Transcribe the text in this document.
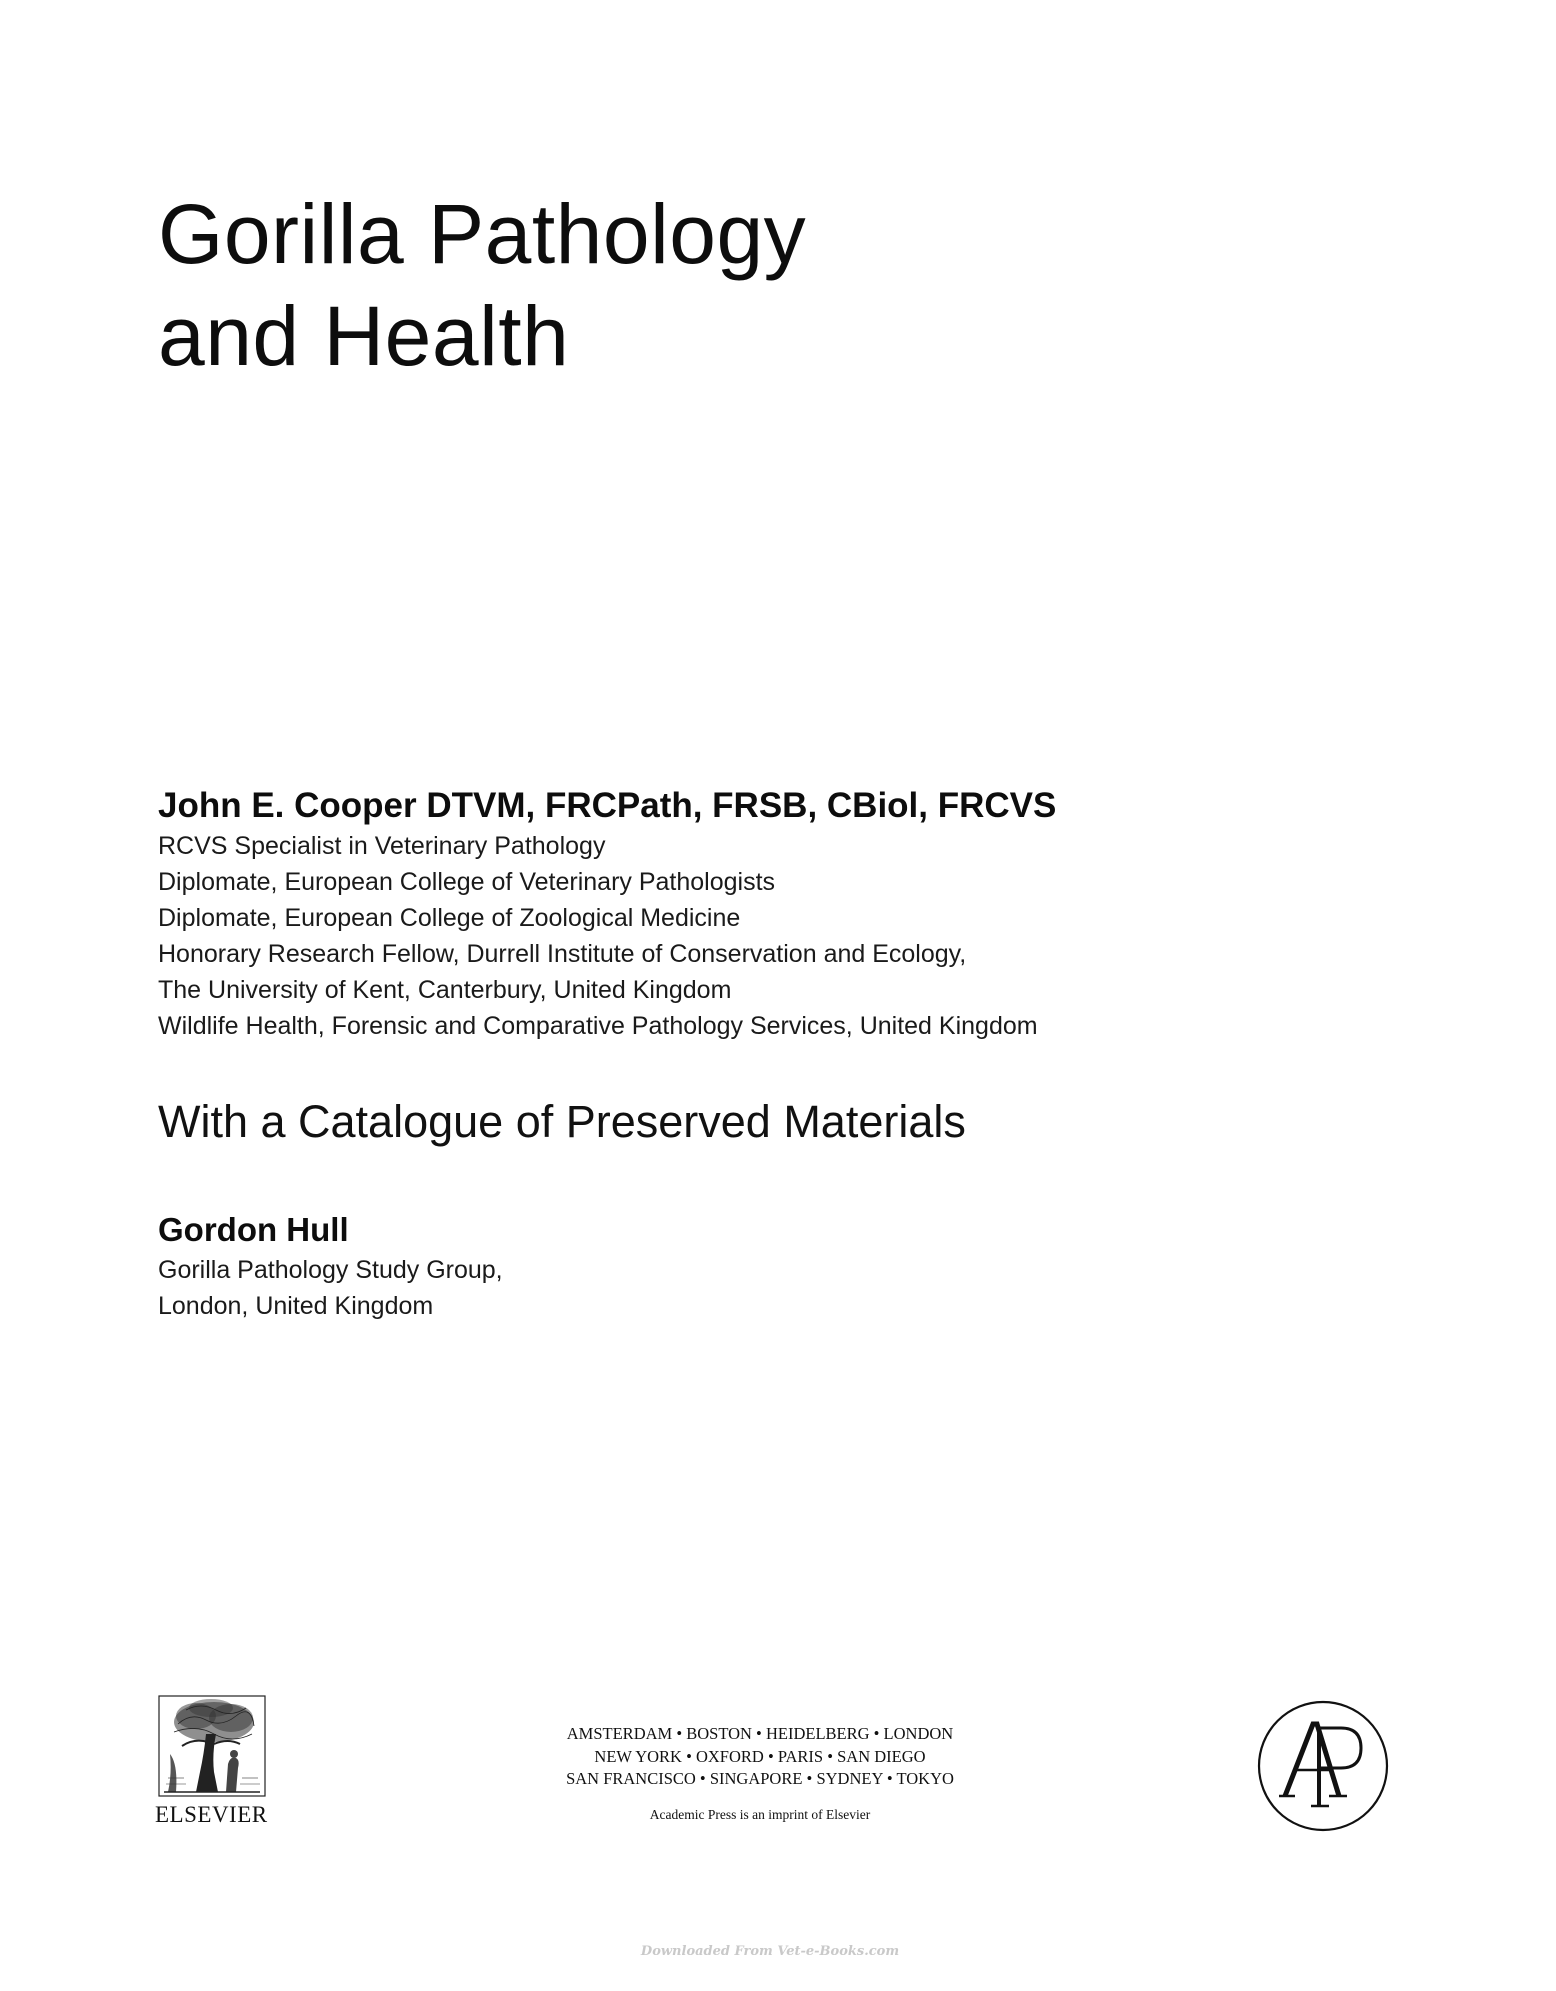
Gorilla Pathology
and Health
John E. Cooper DTVM, FRCPath, FRSB, CBiol, FRCVS
RCVS Specialist in Veterinary Pathology
Diplomate, European College of Veterinary Pathologists
Diplomate, European College of Zoological Medicine
Honorary Research Fellow, Durrell Institute of Conservation and Ecology,
The University of Kent, Canterbury, United Kingdom
Wildlife Health, Forensic and Comparative Pathology Services, United Kingdom
With a Catalogue of Preserved Materials
Gordon Hull
Gorilla Pathology Study Group,
London, United Kingdom
ELSEVIER
AMSTERDAM • BOSTON • HEIDELBERG • LONDON
NEW YORK • OXFORD • PARIS • SAN DIEGO
SAN FRANCISCO • SINGAPORE • SYDNEY • TOKYO
Academic Press is an imprint of Elsevier
Downloaded From Vet-e-Books.com
